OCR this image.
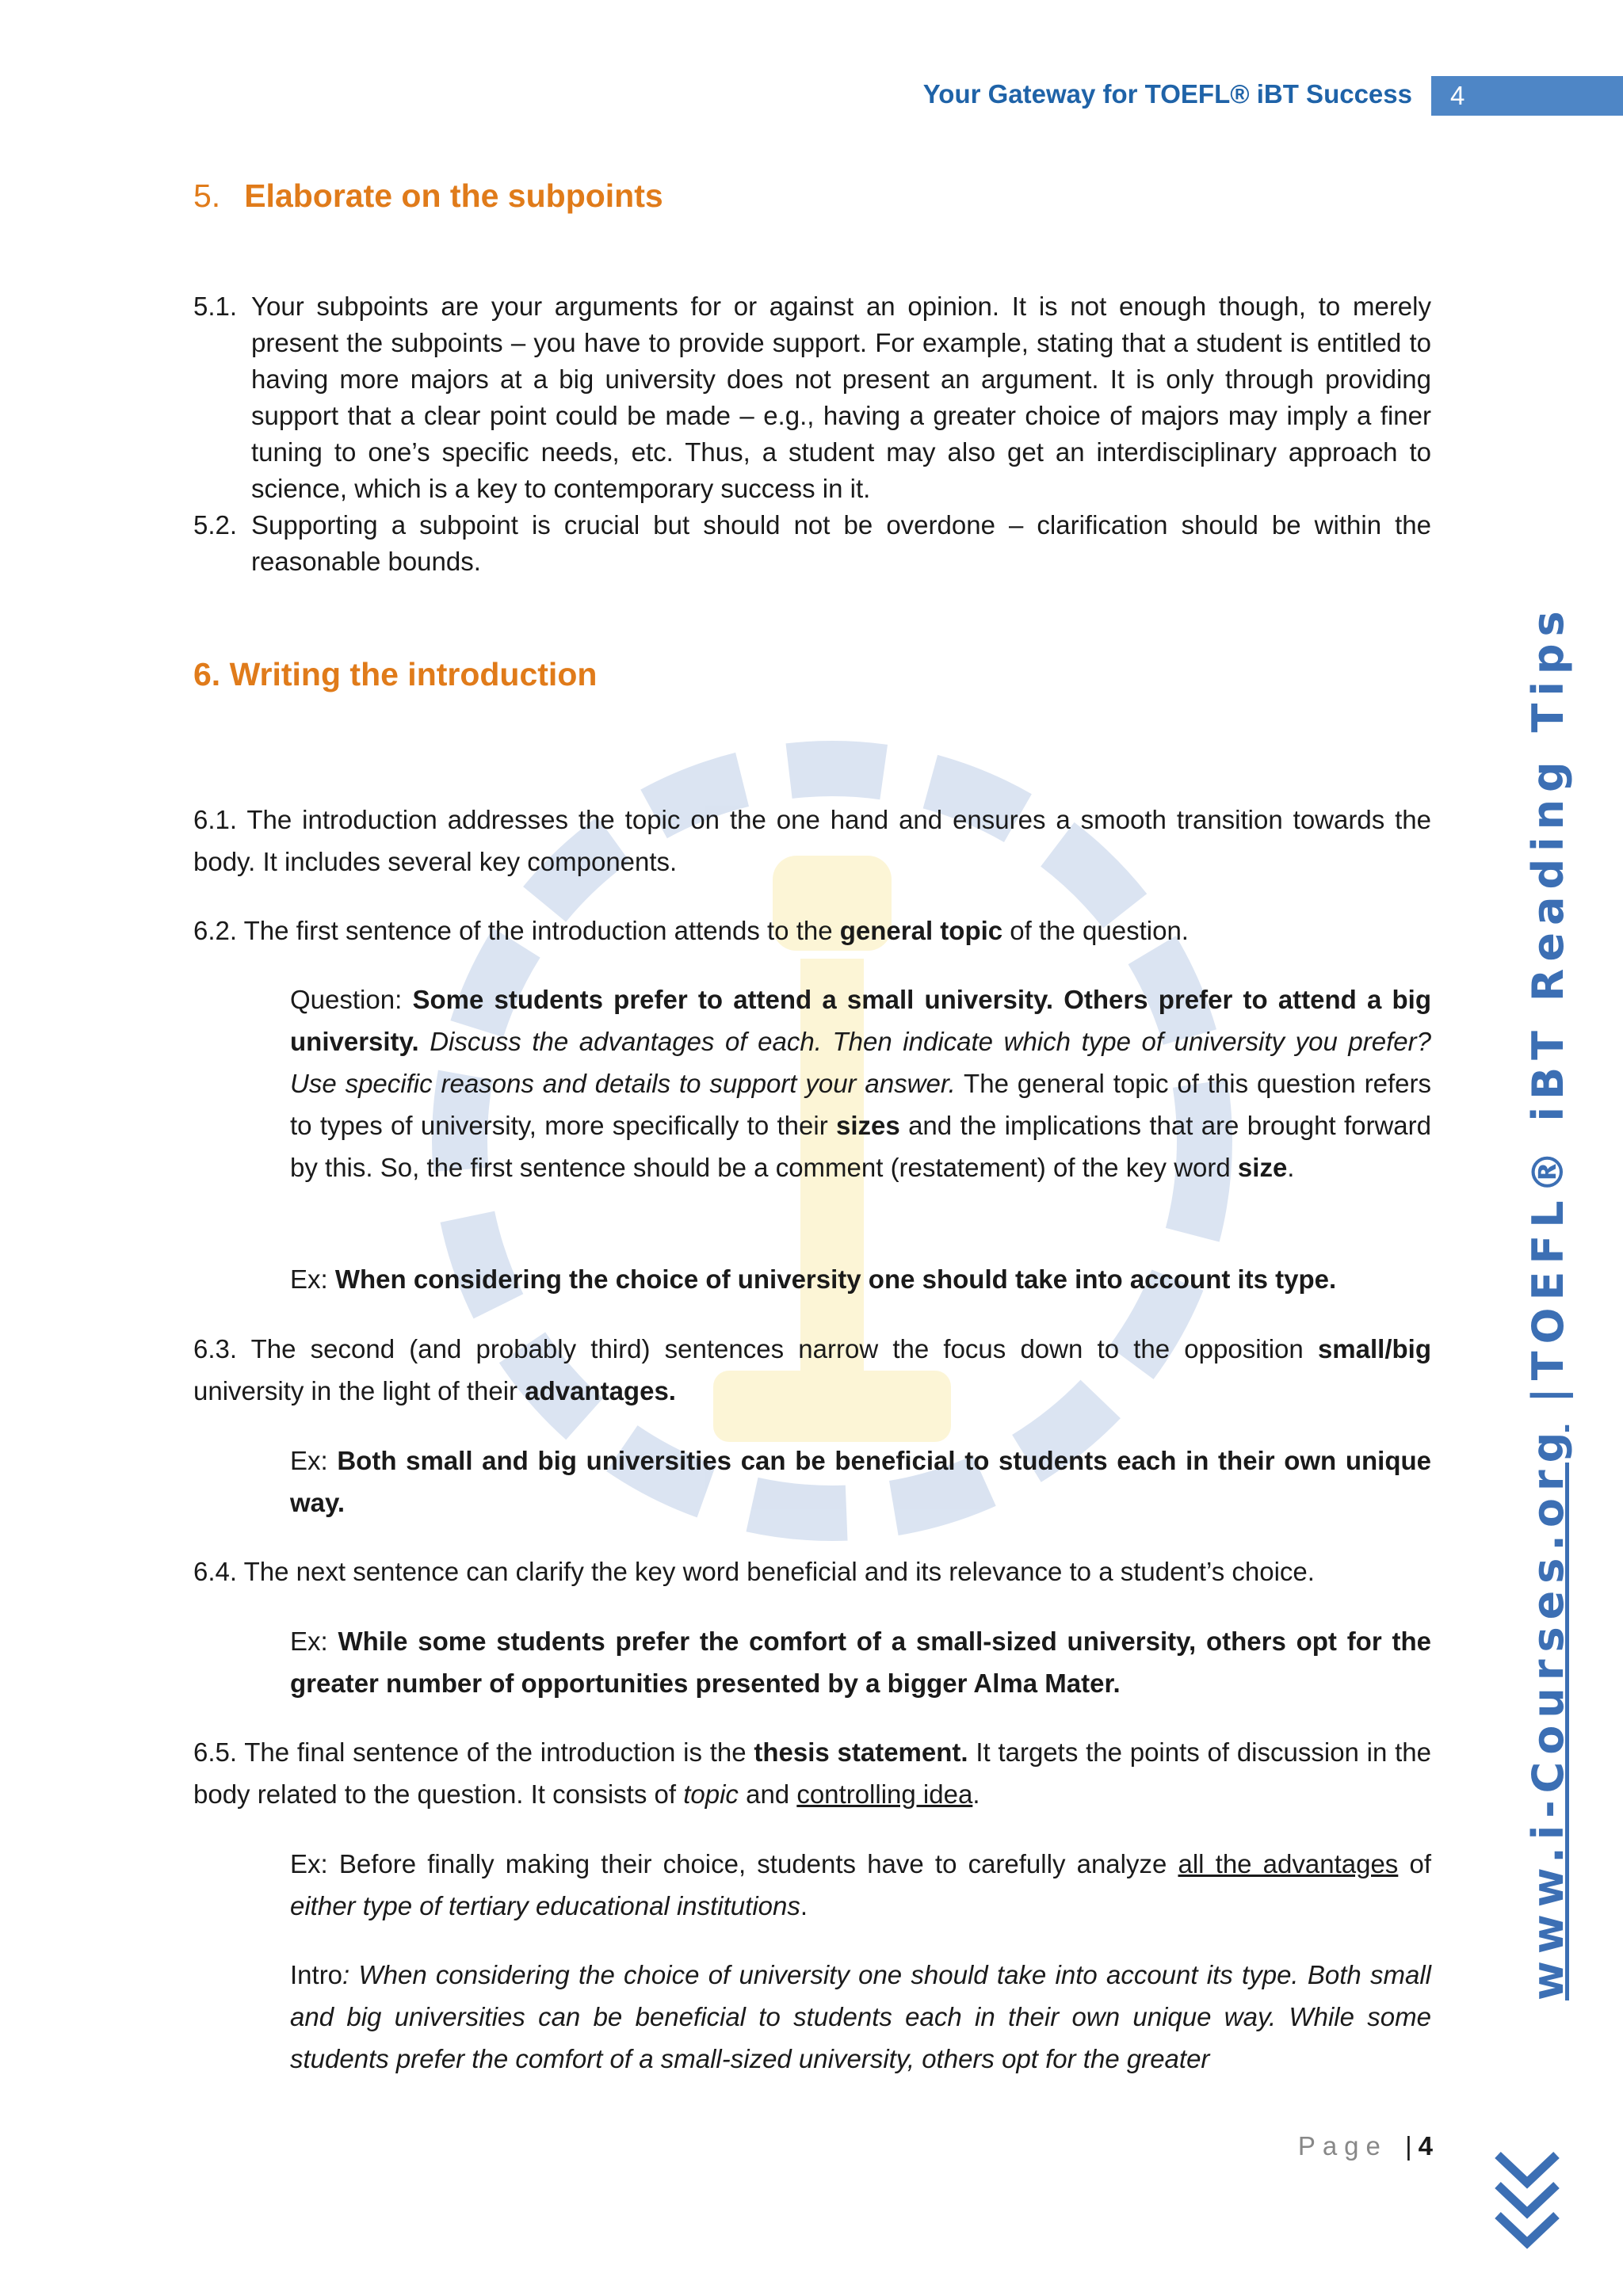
Your Gateway for TOEFL® iBT Success	4
www.i-Courses.org |TOEFL® iBT Reading Tips
5. Elaborate on the subpoints
5.1. Your subpoints are your arguments for or against an opinion. It is not enough though, to merely present the subpoints – you have to provide support. For example, stating that a student is entitled to having more majors at a big university does not present an argument. It is only through providing support that a clear point could be made – e.g., having a greater choice of majors may imply a finer tuning to one’s specific needs, etc. Thus, a student may also get an interdisciplinary approach to science, which is a key to contemporary success in it.
5.2. Supporting a subpoint is crucial but should not be overdone – clarification should be within the reasonable bounds.
6. Writing the introduction
6.1. The introduction addresses the topic on the one hand and ensures a smooth transition towards the body. It includes several key components.
6.2. The first sentence of the introduction attends to the general topic of the question.
Question: Some students prefer to attend a small university. Others prefer to attend a big university. Discuss the advantages of each. Then indicate which type of university you prefer? Use specific reasons and details to support your answer. The general topic of this question refers to types of university, more specifically to their sizes and the implications that are brought forward by this. So, the first sentence should be a comment (restatement) of the key word size.
Ex: When considering the choice of university one should take into account its type.
6.3. The second (and probably third) sentences narrow the focus down to the opposition small/big university in the light of their advantages.
Ex: Both small and big universities can be beneficial to students each in their own unique way.
6.4. The next sentence can clarify the key word beneficial and its relevance to a student’s choice.
Ex: While some students prefer the comfort of a small-sized university, others opt for the greater number of opportunities presented by a bigger Alma Mater.
6.5. The final sentence of the introduction is the thesis statement. It targets the points of discussion in the body related to the question. It consists of topic and controlling idea.
Ex: Before finally making their choice, students have to carefully analyze all the advantages of either type of tertiary educational institutions.
Intro: When considering the choice of university one should take into account its type. Both small and big universities can be beneficial to students each in their own unique way. While some students prefer the comfort of a small-sized university, others opt for the greater
Page | 4
